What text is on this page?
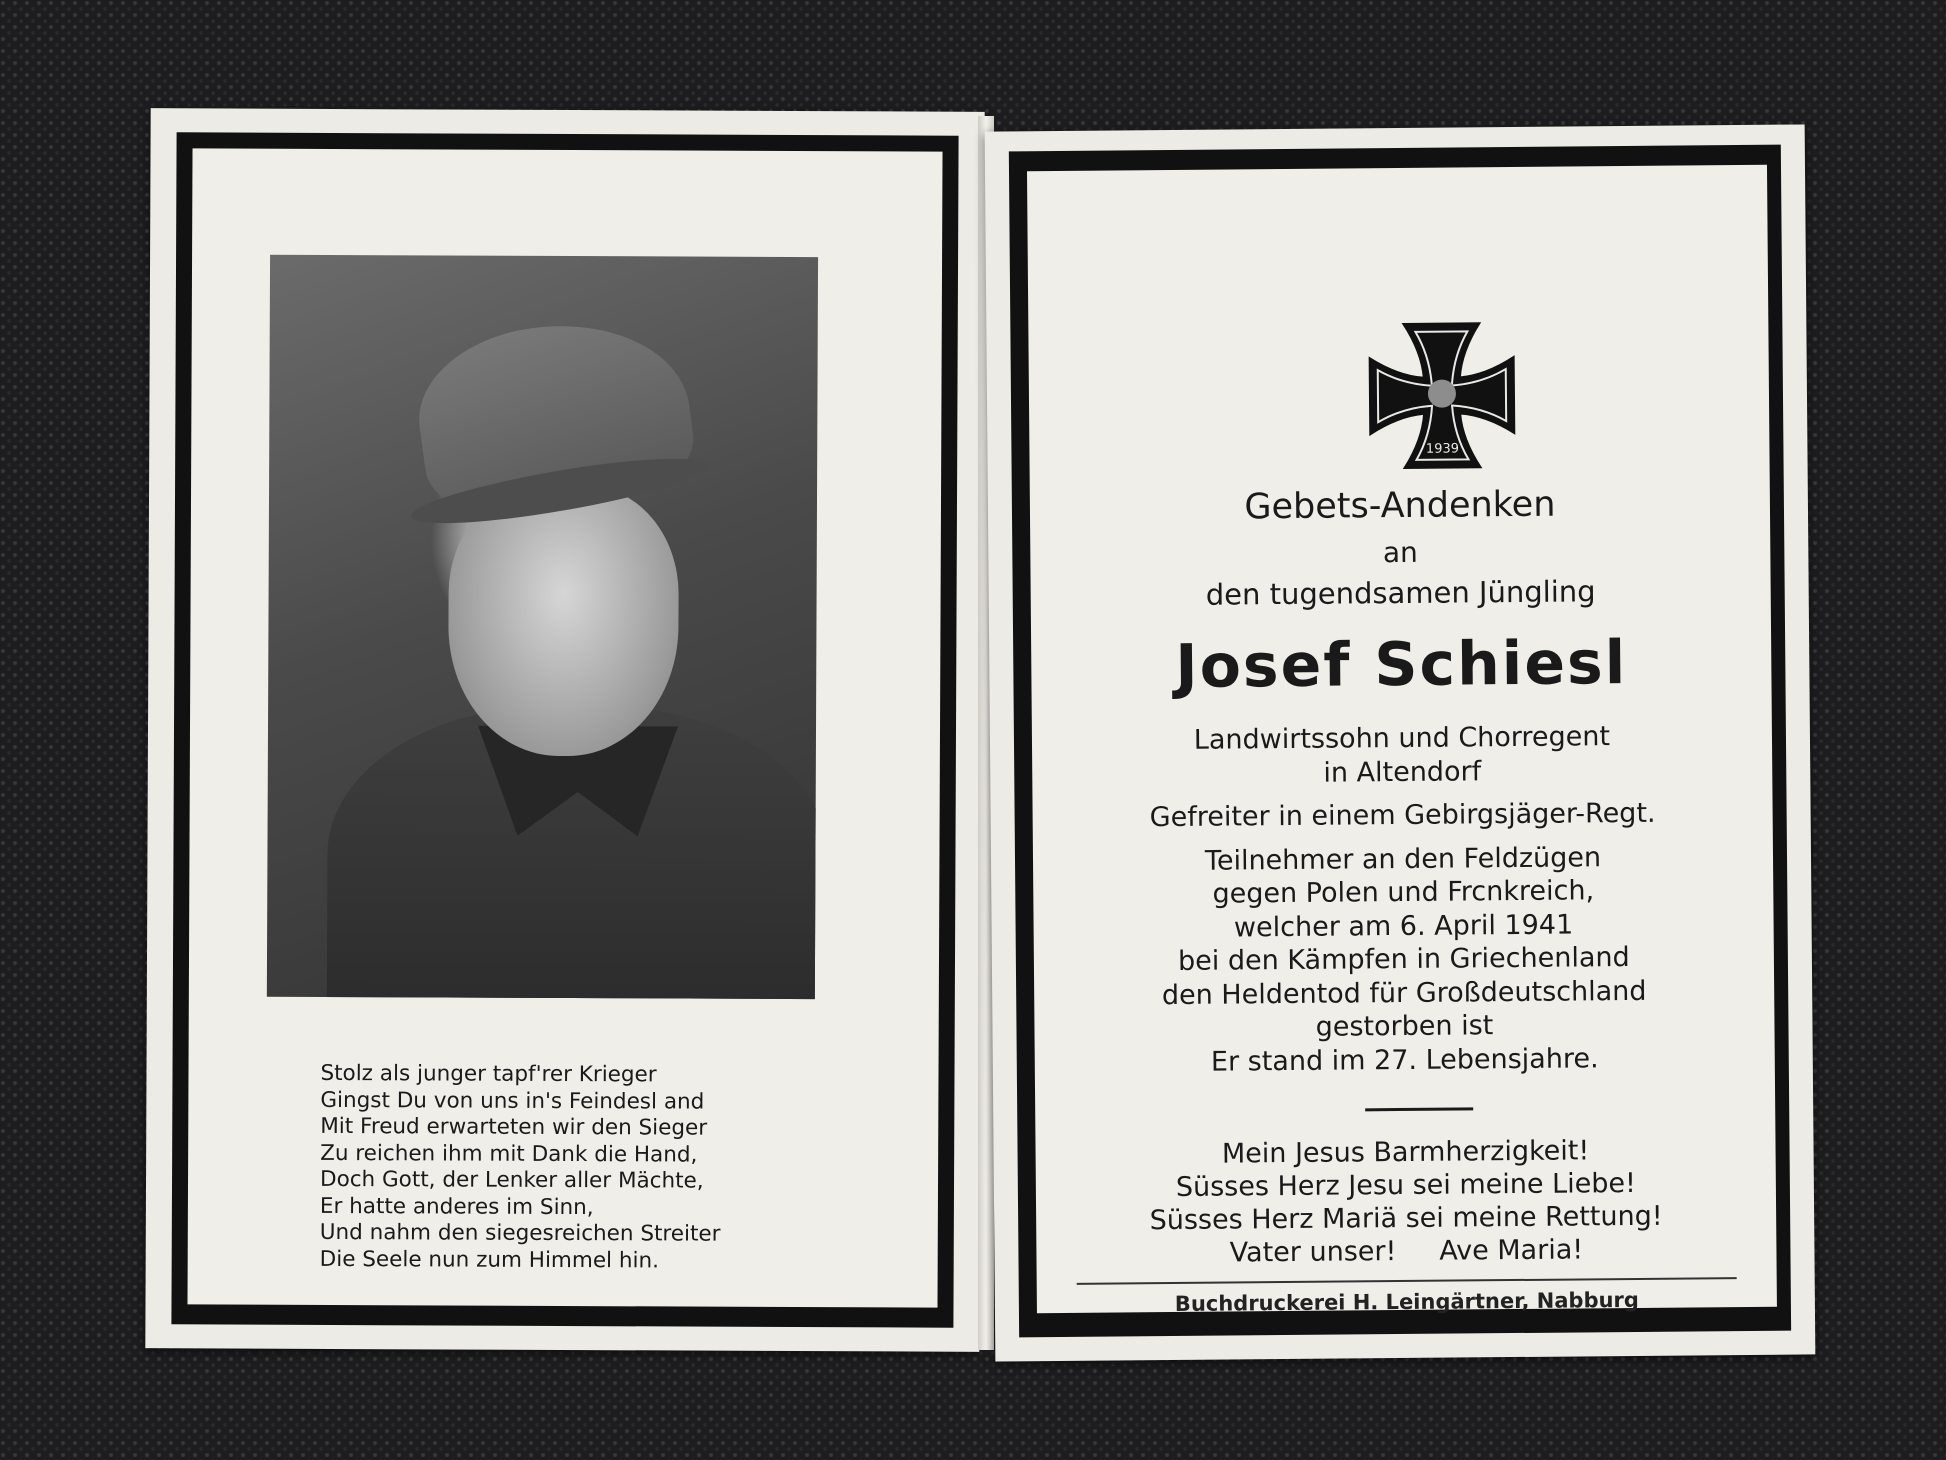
Stolz als junger tapf'rer Krieger
Gingst Du von uns in's Feindesl and
Mit Freud erwarteten wir den Sieger
Zu reichen ihm mit Dank die Hand,
Doch Gott, der Lenker aller Mächte,
Er hatte anderes im Sinn,
Und nahm den siegesreichen Streiter
Die Seele nun zum Himmel hin.
1939
Gebets-Andenken
an
den tugendsamen Jüngling
Josef Schiesl
Landwirtssohn und Chorregent
in Altendorf
Gefreiter in einem Gebirgsjäger-Regt.
Teilnehmer an den Feldzügen
gegen Polen und Frcnkreich,
welcher am 6. April 1941
bei den Kämpfen in Griechenland
den Heldentod für Großdeutschland
gestorben ist
Er stand im 27. Lebensjahre.
Mein Jesus Barmherzigkeit!
Süsses Herz Jesu sei meine Liebe!
Süsses Herz Mariä sei meine Rettung!
Vater unser!     Ave Maria!
Buchdruckerei H. Leingärtner, Nabburg
